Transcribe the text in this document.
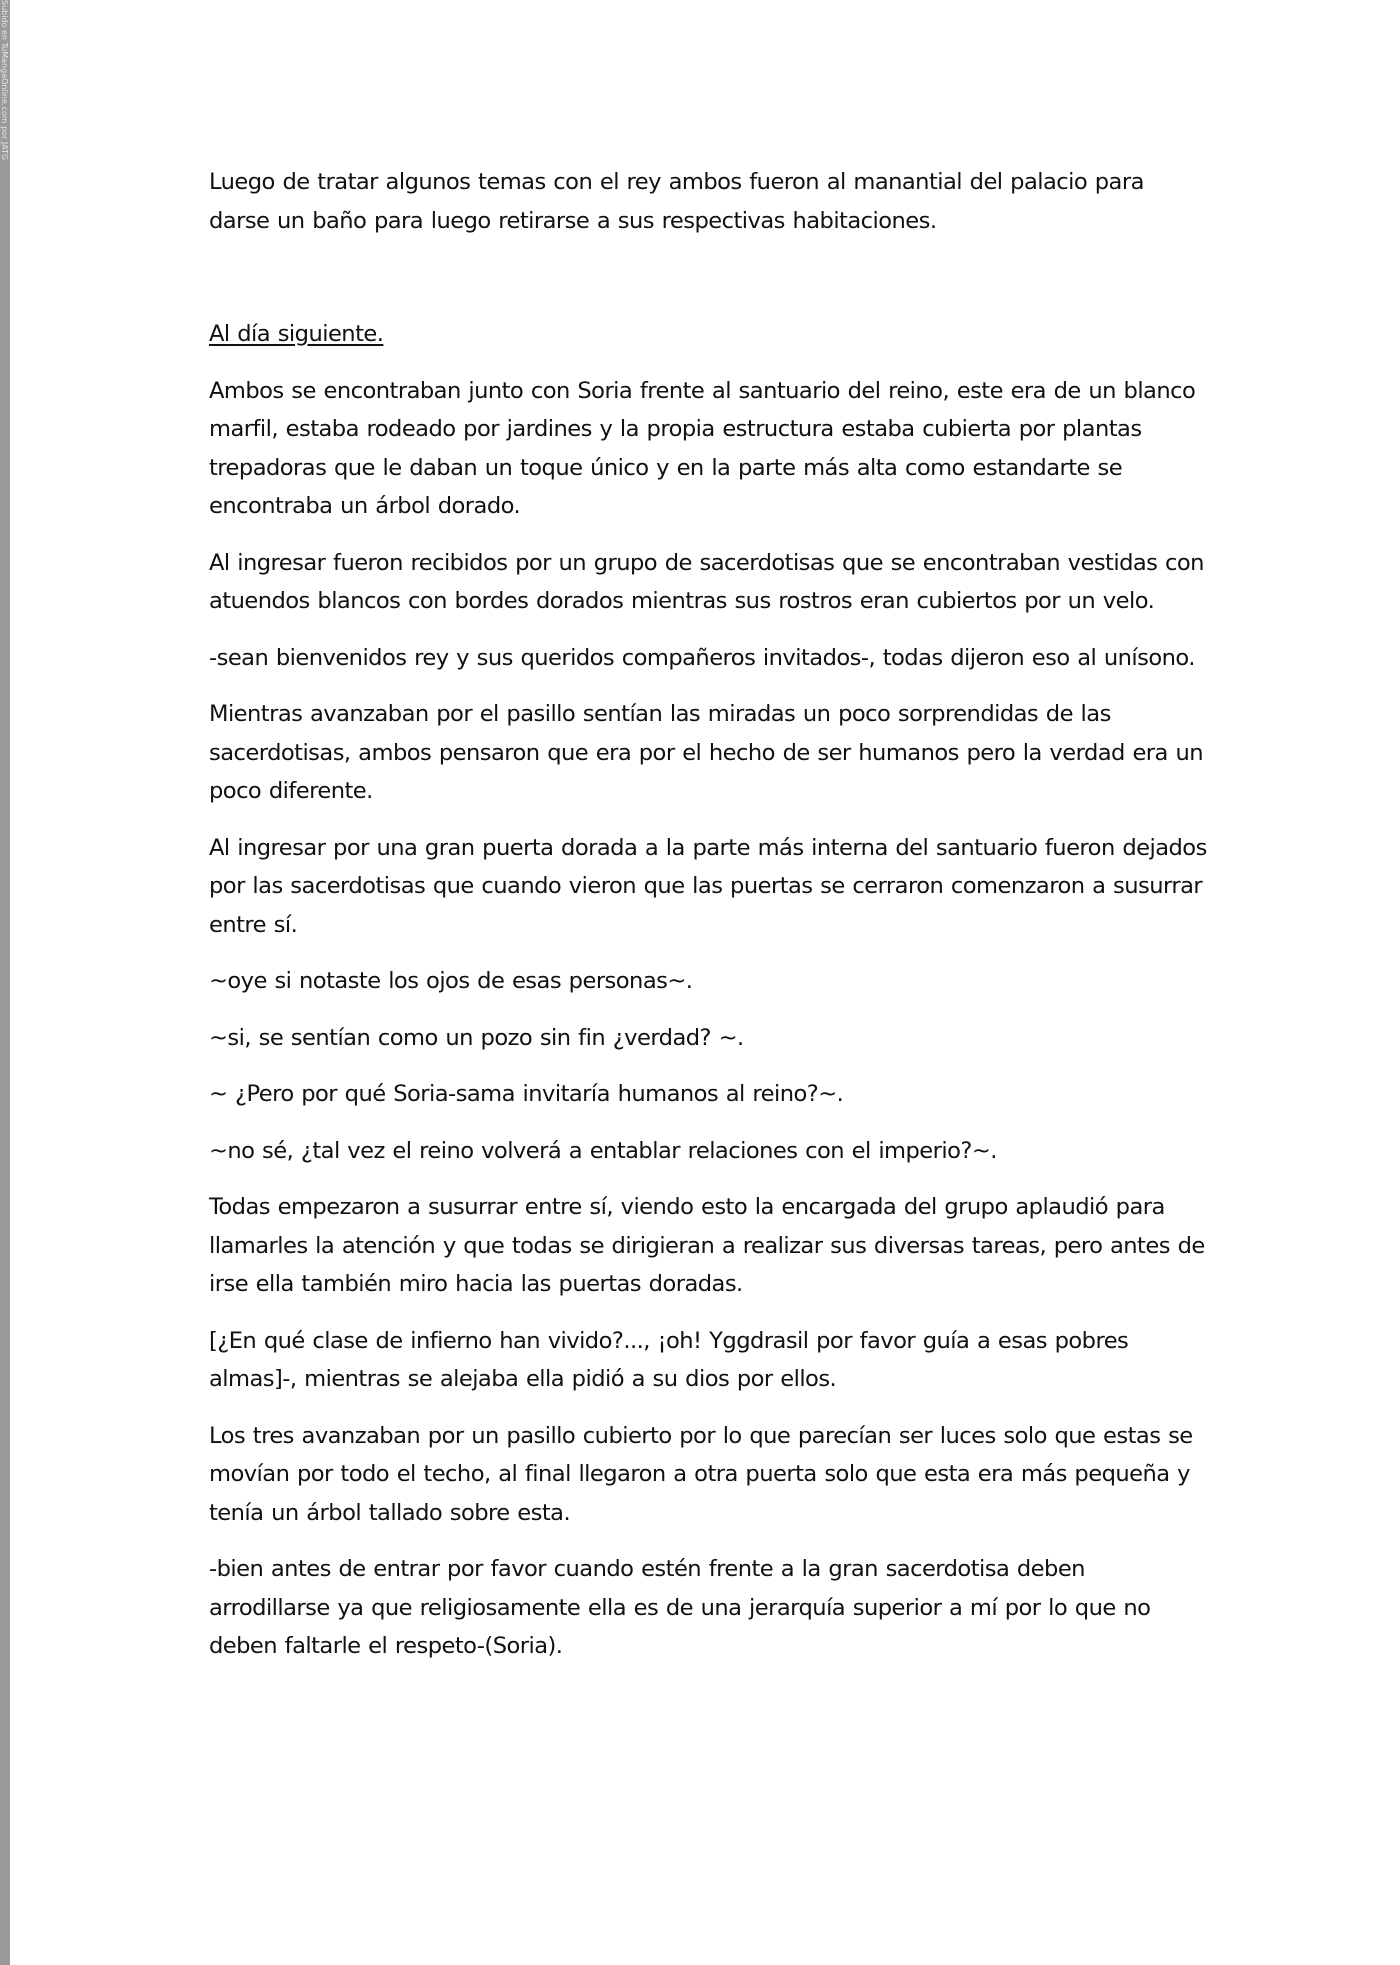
Subido en TuMangaOnline.com por JATG

Luego de tratar algunos temas con el rey ambos fueron al manantial del palacio para darse un baño para luego retirarse a sus respectivas habitaciones.

Al día siguiente.

Ambos se encontraban junto con Soria frente al santuario del reino, este era de un blanco marfil, estaba rodeado por jardines y la propia estructura estaba cubierta por plantas trepadoras que le daban un toque único y en la parte más alta como estandarte se encontraba un árbol dorado.

Al ingresar fueron recibidos por un grupo de sacerdotisas que se encontraban vestidas con atuendos blancos con bordes dorados mientras sus rostros eran cubiertos por un velo.

-sean bienvenidos rey y sus queridos compañeros invitados-, todas dijeron eso al unísono.

Mientras avanzaban por el pasillo sentían las miradas un poco sorprendidas de las sacerdotisas, ambos pensaron que era por el hecho de ser humanos pero la verdad era un poco diferente.

Al ingresar por una gran puerta dorada a la parte más interna del santuario fueron dejados por las sacerdotisas que cuando vieron que las puertas se cerraron comenzaron a susurrar entre sí.

~oye si notaste los ojos de esas personas~.

~si, se sentían como un pozo sin fin ¿verdad? ~.

~ ¿Pero por qué Soria-sama invitaría humanos al reino?~.

~no sé, ¿tal vez el reino volverá a entablar relaciones con el imperio?~.

Todas empezaron a susurrar entre sí, viendo esto la encargada del grupo aplaudió para llamarles la atención y que todas se dirigieran a realizar sus diversas tareas, pero antes de irse ella también miro hacia las puertas doradas.

[¿En qué clase de infierno han vivido?..., ¡oh! Yggdrasil por favor guía a esas pobres almas]-, mientras se alejaba ella pidió a su dios por ellos.

Los tres avanzaban por un pasillo cubierto por lo que parecían ser luces solo que estas se movían por todo el techo, al final llegaron a otra puerta solo que esta era más pequeña y tenía un árbol tallado sobre esta.

-bien antes de entrar por favor cuando estén frente a la gran sacerdotisa deben arrodillarse ya que religiosamente ella es de una jerarquía superior a mí por lo que no deben faltarle el respeto-(Soria).
